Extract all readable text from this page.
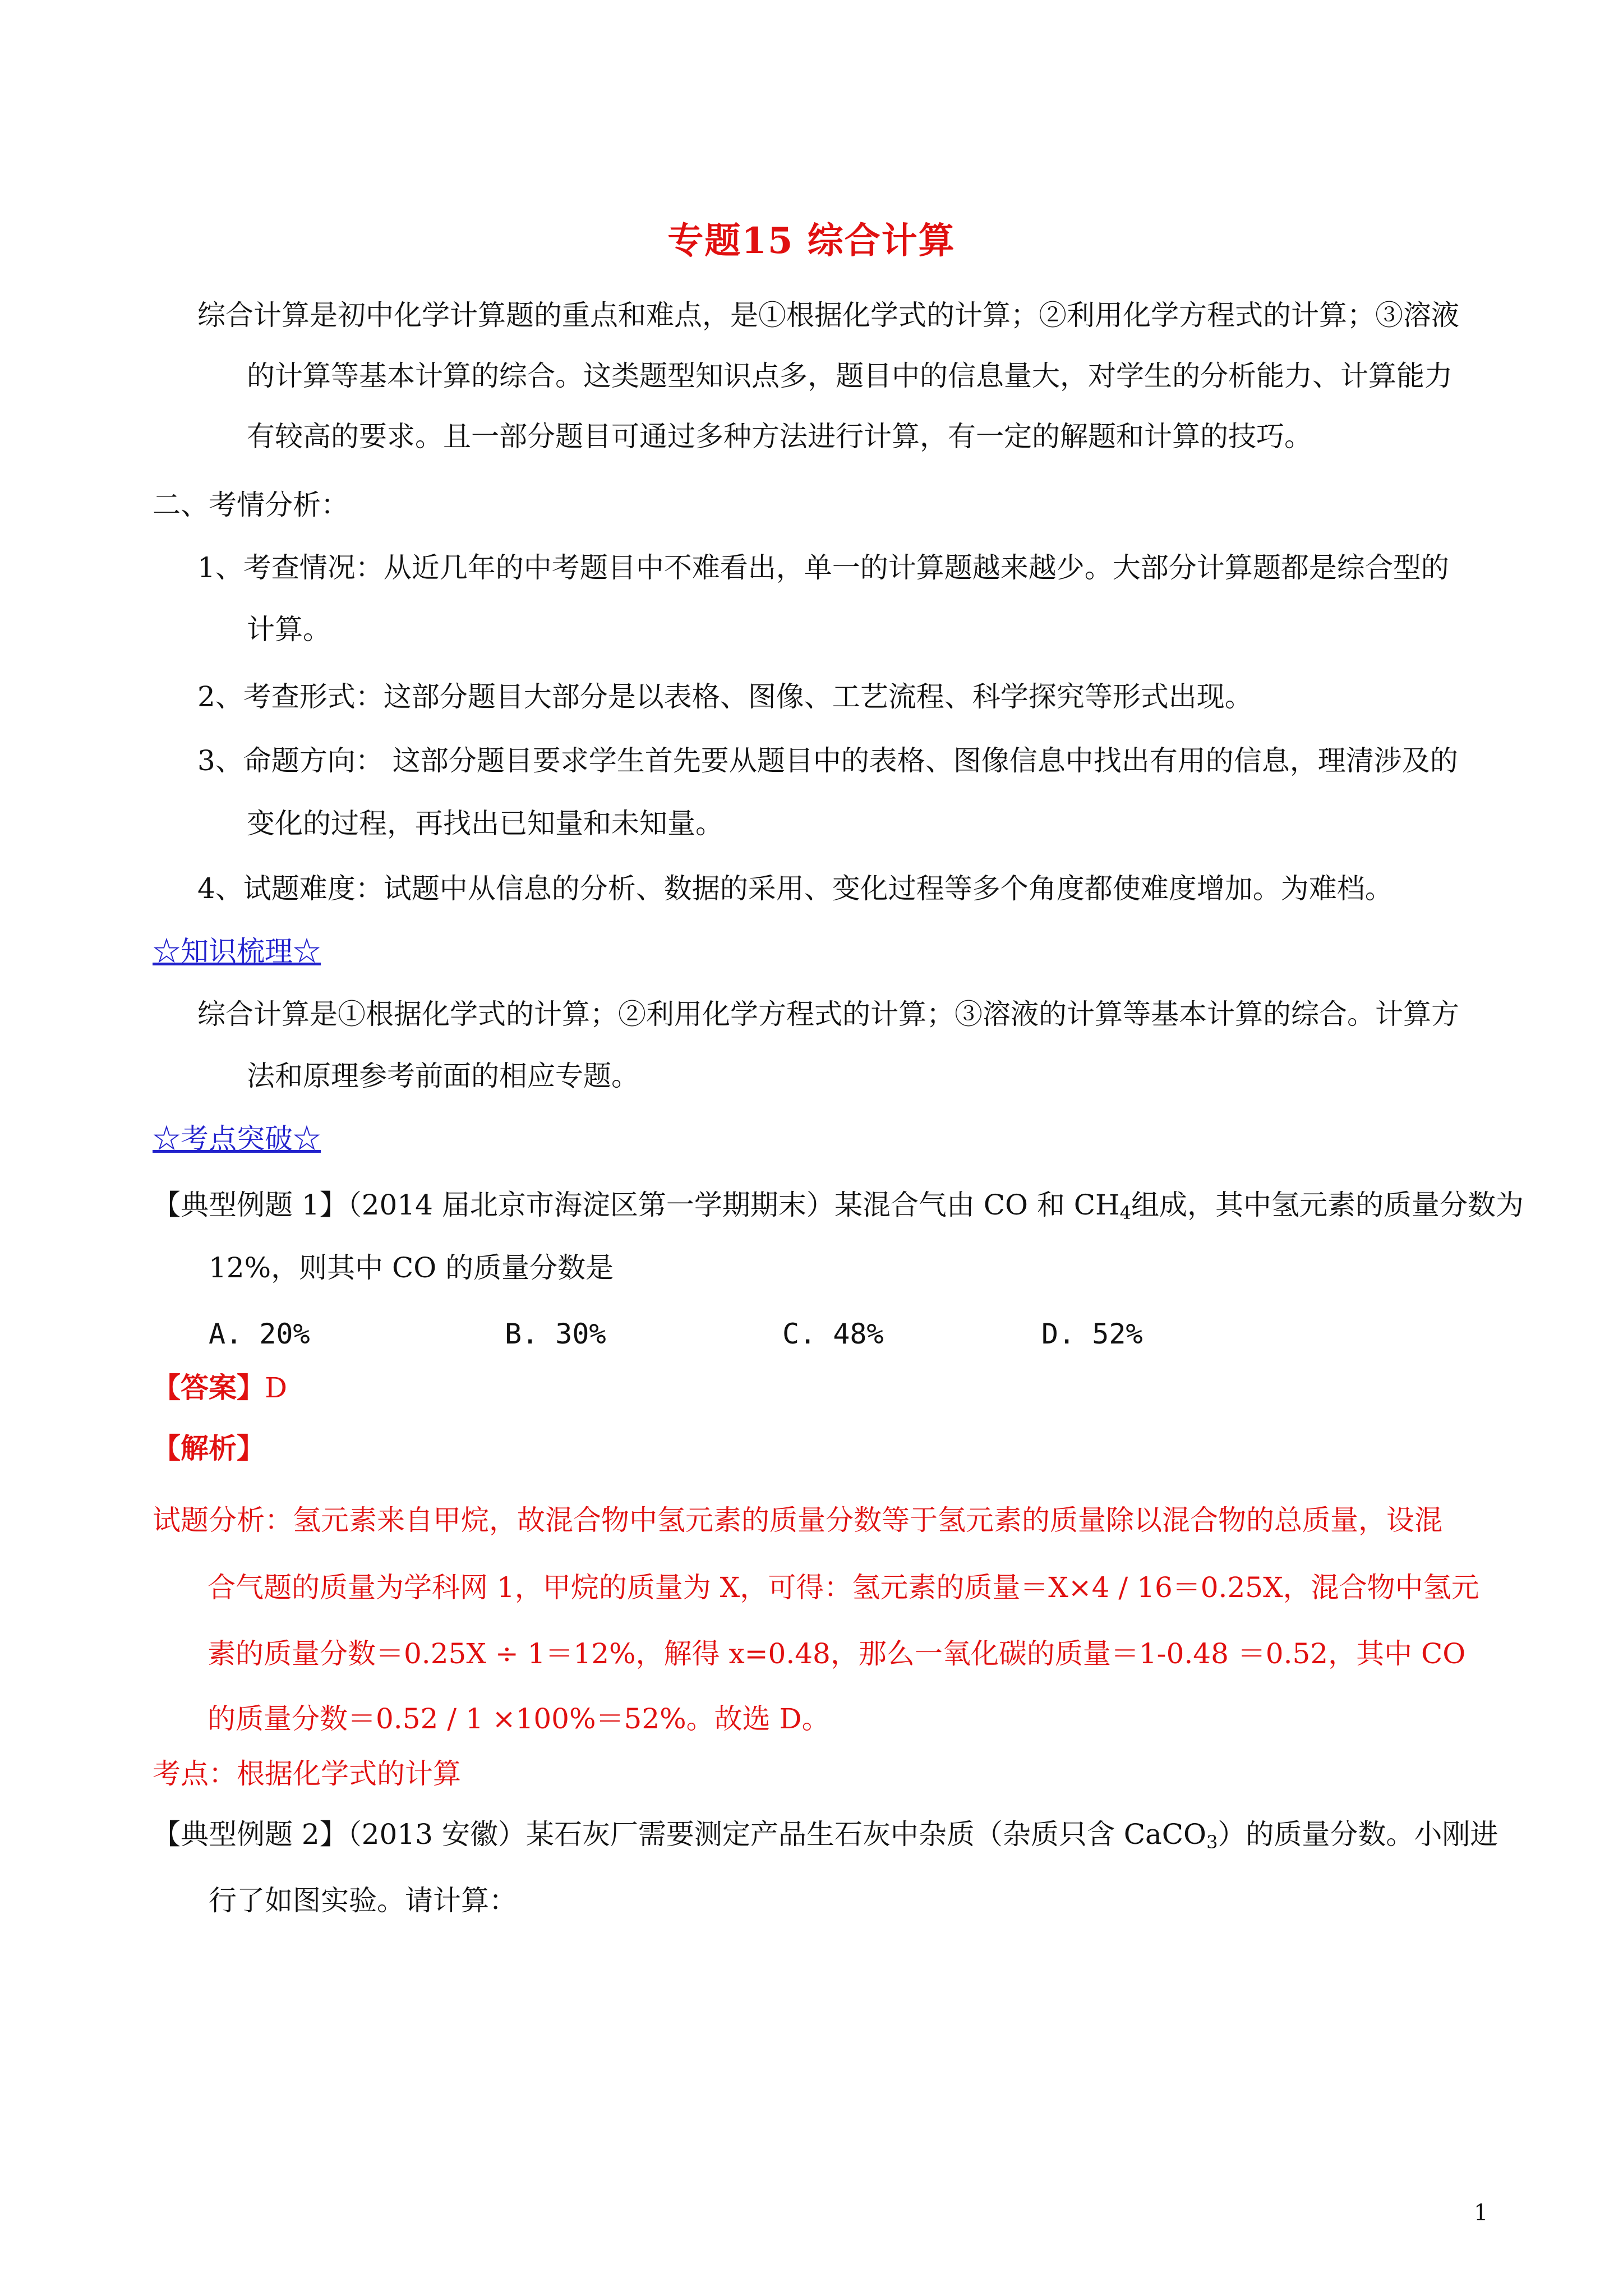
专题15 综合计算
综合计算是初中化学计算题的重点和难点，是①根据化学式的计算；②利用化学方程式的计算；③溶液
的计算等基本计算的综合。这类题型知识点多，题目中的信息量大，对学生的分析能力、计算能力
有较高的要求。且一部分题目可通过多种方法进行计算，有一定的解题和计算的技巧。
二、考情分析：
1、考查情况：从近几年的中考题目中不难看出，单一的计算题越来越少。大部分计算题都是综合型的
计算。
2、考查形式：这部分题目大部分是以表格、图像、工艺流程、科学探究等形式出现。
3、命题方向： 这部分题目要求学生首先要从题目中的表格、图像信息中找出有用的信息，理清涉及的
变化的过程，再找出已知量和未知量。
4、试题难度：试题中从信息的分析、数据的采用、变化过程等多个角度都使难度增加。为难档。
☆知识梳理☆
综合计算是①根据化学式的计算；②利用化学方程式的计算；③溶液的计算等基本计算的综合。计算方
法和原理参考前面的相应专题。
☆考点突破☆
【典型例题 1】（2014 届北京市海淀区第一学期期末）某混合气由 CO 和 $CH_4$组成，其中氢元素的质量分数为
12%，则其中 CO 的质量分数是
A. 20%	B. 30%	C. 48%	D. 52%
【答案】D
【解析】
试题分析：氢元素来自甲烷，故混合物中氢元素的质量分数等于氢元素的质量除以混合物的总质量，设混
合气题的质量为学科网 1，甲烷的质量为 X，可得：氢元素的质量＝X×4 / 16＝0.25X，混合物中氢元
素的质量分数＝0.25X ÷ 1＝12%，解得 x=0.48，那么一氧化碳的质量＝1-0.48 ＝0.52，其中 CO
的质量分数＝0.52 / 1 ×100%＝52%。故选 D。
考点：根据化学式的计算
【典型例题 2】（2013 安徽）某石灰厂需要测定产品生石灰中杂质（杂质只含 CaCO$_3$）的质量分数。小刚进
行了如图实验。请计算：
1
